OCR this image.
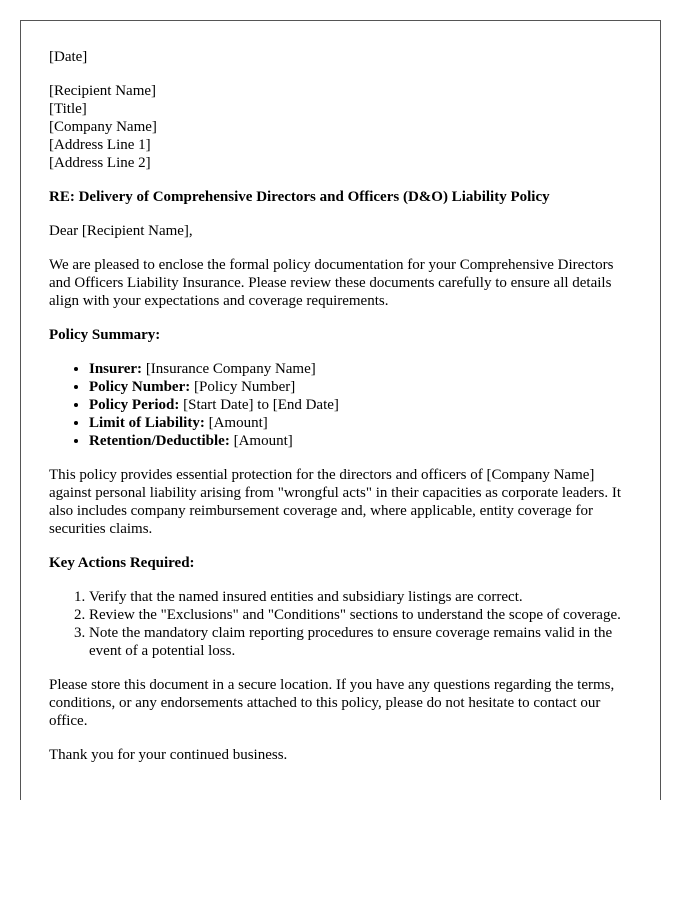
[Date]
[Recipient Name]
[Title]
[Company Name]
[Address Line 1]
[Address Line 2]

RE: Delivery of Comprehensive Directors and Officers (D&O) Liability Policy

Dear [Recipient Name],

We are pleased to enclose the formal policy documentation for your Comprehensive Directors and Officers Liability Insurance. Please review these documents carefully to ensure all details align with your expectations and coverage requirements.

Policy Summary:

• Insurer: [Insurance Company Name]
• Policy Number: [Policy Number]
• Policy Period: [Start Date] to [End Date]
• Limit of Liability: [Amount]
• Retention/Deductible: [Amount]

This policy provides essential protection for the directors and officers of [Company Name] against personal liability arising from "wrongful acts" in their capacities as corporate leaders. It also includes company reimbursement coverage and, where applicable, entity coverage for securities claims.

Key Actions Required:

1. Verify that the named insured entities and subsidiary listings are correct.
2. Review the "Exclusions" and "Conditions" sections to understand the scope of coverage.
3. Note the mandatory claim reporting procedures to ensure coverage remains valid in the event of a potential loss.

Please store this document in a secure location. If you have any questions regarding the terms, conditions, or any endorsements attached to this policy, please do not hesitate to contact our office.

Thank you for your continued business.
